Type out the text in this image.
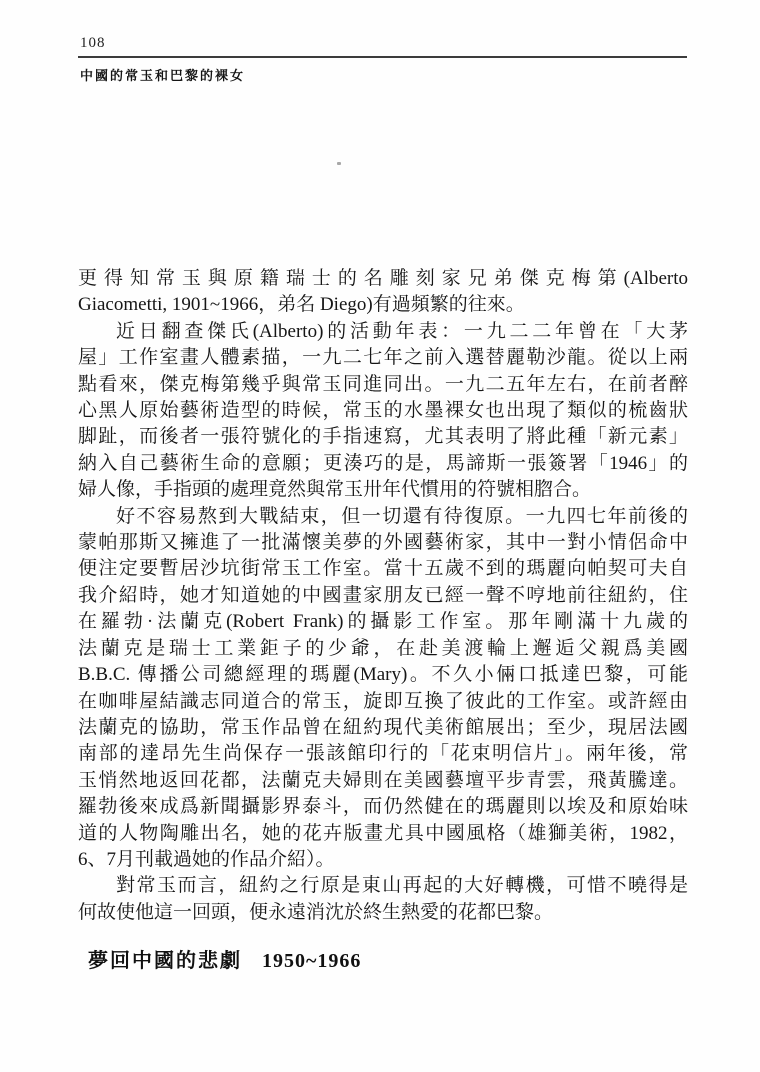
108
中國的常玉和巴黎的裸女
更得知常玉與原籍瑞士的名雕刻家兄弟傑克梅第(Alberto
Giacometti, 1901~1966，弟名 Diego)有過頻繁的往來。
近日翻查傑氏(Alberto)的活動年表：一九二二年曾在「大茅
屋」工作室畫人體素描，一九二七年之前入選替麗勒沙龍。從以上兩
點看來，傑克梅第幾乎與常玉同進同出。一九二五年左右，在前者醉
心黑人原始藝術造型的時候，常玉的水墨裸女也出現了類似的梳齒狀
脚趾，而後者一張符號化的手指速寫，尤其表明了將此種「新元素」
納入自己藝術生命的意願；更湊巧的是，馬諦斯一張簽署「1946」的
婦人像，手指頭的處理竟然與常玉卅年代慣用的符號相脗合。
好不容易熬到大戰結束，但一切還有待復原。一九四七年前後的
蒙帕那斯又擁進了一批滿懷美夢的外國藝術家，其中一對小情侶命中
便注定要暫居沙坑街常玉工作室。當十五歲不到的瑪麗向帕契可夫自
我介紹時，她才知道她的中國畫家朋友已經一聲不哼地前往紐約，住
在羅勃·法蘭克(Robert Frank)的攝影工作室。那年剛滿十九歲的
法蘭克是瑞士工業鉅子的少爺，在赴美渡輪上邂逅父親爲美國
B.B.C. 傳播公司總經理的瑪麗(Mary)。不久小倆口抵達巴黎，可能
在咖啡屋結識志同道合的常玉，旋即互換了彼此的工作室。或許經由
法蘭克的協助，常玉作品曾在紐約現代美術館展出；至少，現居法國
南部的達昂先生尚保存一張該館印行的「花束明信片」。兩年後，常
玉悄然地返回花都，法蘭克夫婦則在美國藝壇平步青雲，飛黃騰達。
羅勃後來成爲新聞攝影界泰斗，而仍然健在的瑪麗則以埃及和原始味
道的人物陶雕出名，她的花卉版畫尤具中國風格（雄獅美術，1982，
6、7月刊載過她的作品介紹）。
對常玉而言，紐約之行原是東山再起的大好轉機，可惜不曉得是
何故使他這一回頭，便永遠消沈於終生熱愛的花都巴黎。
夢回中國的悲劇 1950~1966
